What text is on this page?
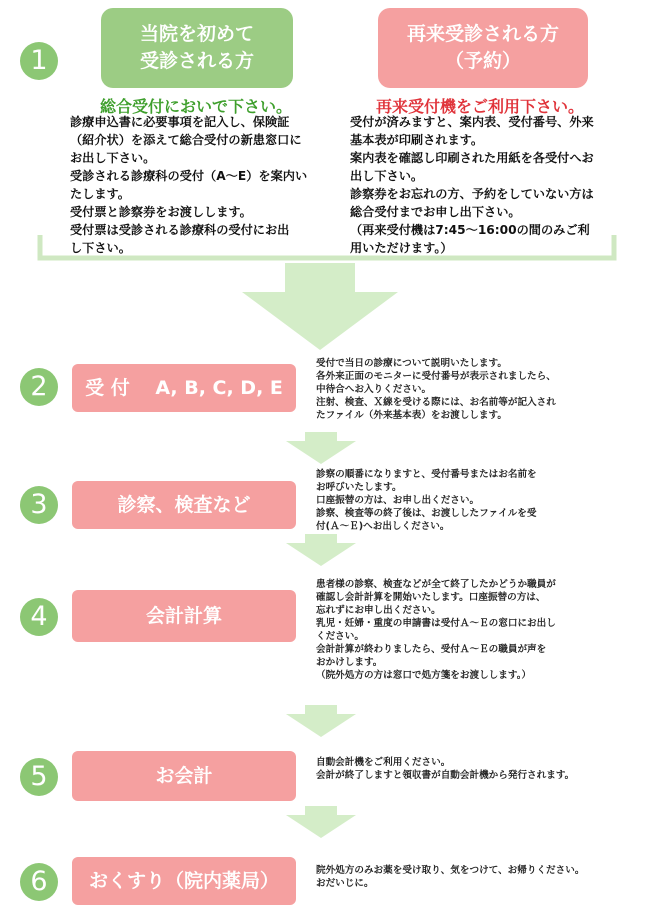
1
当院を初めて
受診される方
総合受付においで下さい。
診療申込書に必要事項を記入し、保険証
（紹介状）を添えて総合受付の新患窓口に
お出し下さい。
受診される診療科の受付（A〜E）を案内い
たします。
受付票と診察券をお渡しします。
受付票は受診される診療科の受付にお出
し下さい。
再来受診される方
（予約）
再来受付機をご利用下さい。
受付が済みますと、案内表、受付番号、外来
基本表が印刷されます。
案内表を確認し印刷された用紙を各受付へお
出し下さい。
診察券をお忘れの方、予約をしていない方は
総合受付までお申し出下さい。
（再来受付機は7:45〜16:00の間のみご利
用いただけます。）
2	受 付　 A, B, C, D, E
受付で当日の診療について説明いたします。
各外来正面のモニターに受付番号が表示されましたら、
中待合へお入りください。
注射、検査、Ｘ線を受ける際には、お名前等が記入され
たファイル（外来基本表）をお渡しします。
3	診察、検査など
診察の順番になりますと、受付番号またはお名前を
お呼びいたします。
口座振替の方は、お申し出ください。
診察、検査等の終了後は、お渡ししたファイルを受
付(Ａ〜Ｅ)へお出しください。
4	会計計算
患者様の診察、検査などが全て終了したかどうか職員が
確認し会計計算を開始いたします。口座振替の方は、
忘れずにお申し出ください。
乳児・妊婦・重度の申請書は受付Ａ〜Ｅの窓口にお出し
ください。
会計計算が終わりましたら、受付Ａ〜Ｅの職員が声を
おかけします。
（院外処方の方は窓口で処方箋をお渡しします。）
5	お会計
自動会計機をご利用ください。
会計が終了しますと領収書が自動会計機から発行されます。
6	おくすり（院内薬局）	院外処方のみお薬を受け取り、気をつけて、お帰りください。
おだいじに。
